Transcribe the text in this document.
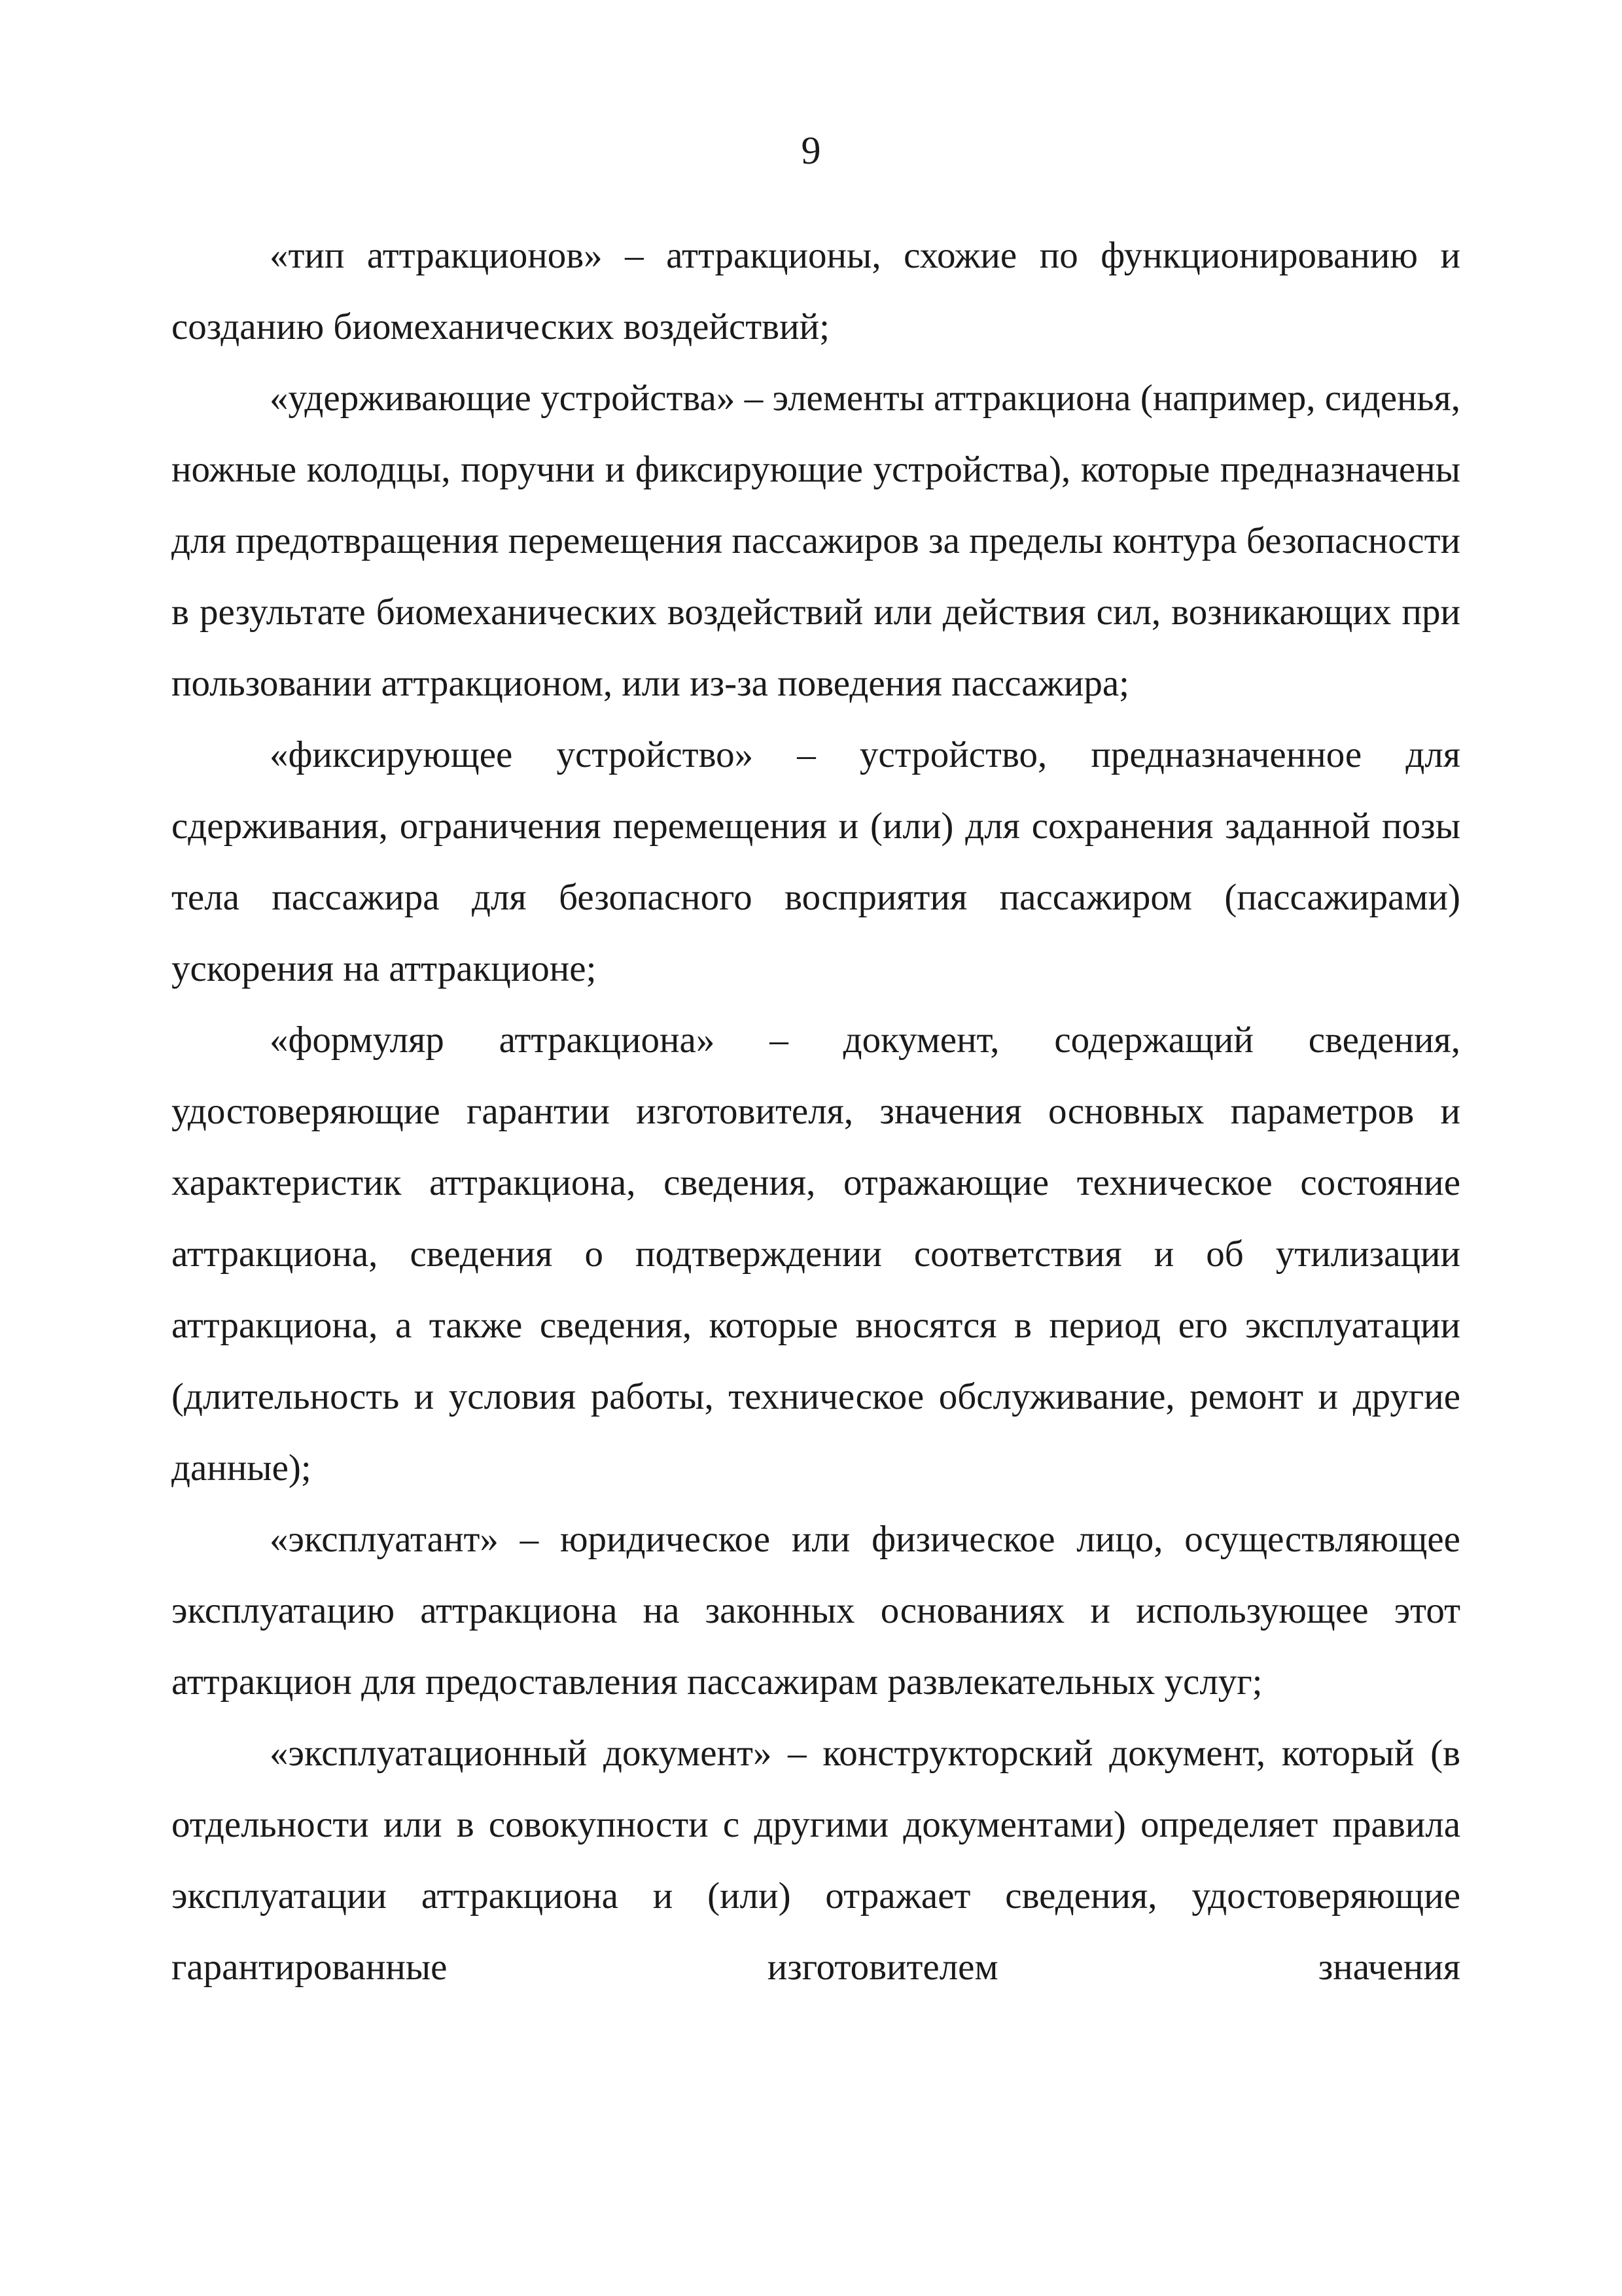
9

«тип аттракционов» – аттракционы, схожие по функционированию и созданию биомеханических воздействий;

«удерживающие устройства» – элементы аттракциона (например, сиденья, ножные колодцы, поручни и фиксирующие устройства), которые предназначены для предотвращения перемещения пассажиров за пределы контура безопасности в результате биомеханических воздействий или действия сил, возникающих при пользовании аттракционом, или из-за поведения пассажира;

«фиксирующее устройство» – устройство, предназначенное для сдерживания, ограничения перемещения и (или) для сохранения заданной позы тела пассажира для безопасного восприятия пассажиром (пассажирами) ускорения на аттракционе;

«формуляр аттракциона» – документ, содержащий сведения, удостоверяющие гарантии изготовителя, значения основных параметров и характеристик аттракциона, сведения, отражающие техническое состояние аттракциона, сведения о подтверждении соответствия и об утилизации аттракциона, а также сведения, которые вносятся в период его эксплуатации (длительность и условия работы, техническое обслуживание, ремонт и другие данные);

«эксплуатант» – юридическое или физическое лицо, осуществляющее эксплуатацию аттракциона на законных основаниях и использующее этот аттракцион для предоставления пассажирам развлекательных услуг;

«эксплуатационный документ» – конструкторский документ, который (в отдельности или в совокупности с другими документами) определяет правила эксплуатации аттракциона и (или) отражает сведения, удостоверяющие гарантированные изготовителем значения
